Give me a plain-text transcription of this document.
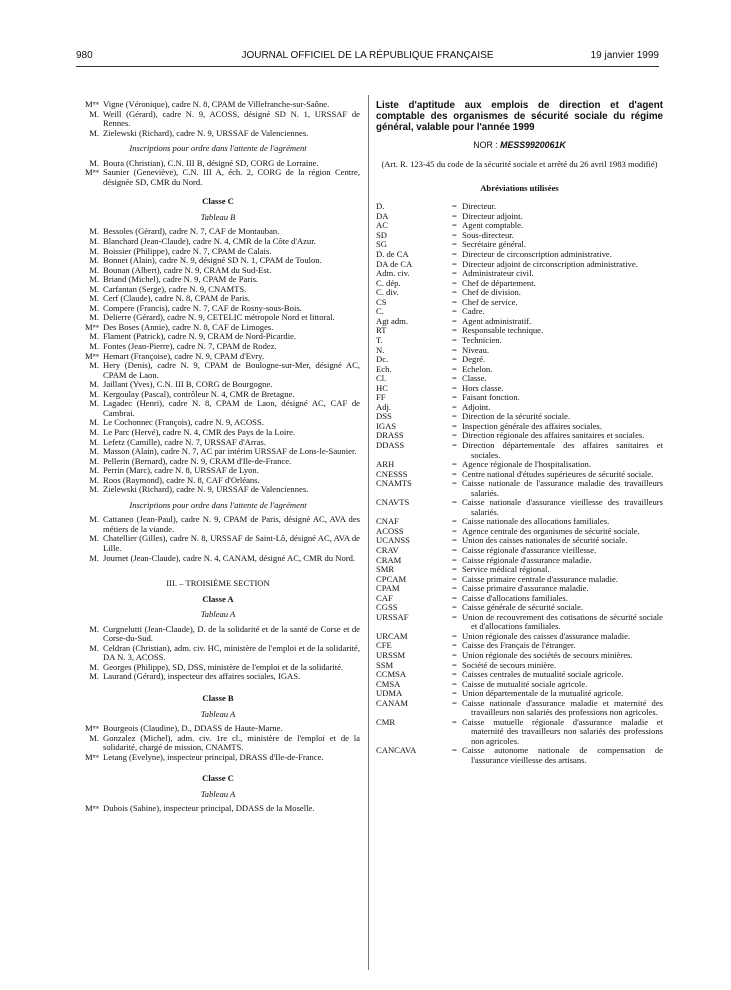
980	JOURNAL OFFICIEL DE LA RÉPUBLIQUE FRANÇAISE	19 janvier 1999
Mᵐᵉ Vigne (Véronique), cadre N. 8, CPAM de Villefranche-sur-Saône.
M. Weill (Gérard), cadre N. 9, ACOSS, désigné SD N. 1, URSSAF de Rennes.
M. Zielewski (Richard), cadre N. 9, URSSAF de Valenciennes.
Inscriptions pour ordre dans l'attente de l'agrément
M. Boura (Christian), C.N. III B, désigné SD, CORG de Lorraine.
Mᵐᵉ Saunier (Geneviève), C.N. III A, éch. 2, CORG de la région Centre, désignée SD, CMR du Nord.
Classe C
Tableau B
M. Bessoles (Gérard), cadre N. 7, CAF de Montauban.
M. Blanchard (Jean-Claude), cadre N. 4, CMR de la Côte d'Azur.
M. Boissier (Philippe), cadre N. 7, CPAM de Calais.
M. Bonnet (Alain), cadre N. 9, désigné SD N. 1, CPAM de Toulon.
M. Bounan (Albert), cadre N. 9, CRAM du Sud-Est.
M. Briand (Michel), cadre N. 9, CPAM de Paris.
M. Carfantan (Serge), cadre N. 9, CNAMTS.
M. Cerf (Claude), cadre N. 8, CPAM de Paris.
M. Compere (Francis), cadre N. 7, CAF de Rosny-sous-Bois.
M. Delierre (Gérard), cadre N. 9, CETELIC métropole Nord et littoral.
Mᵐᵉ Des Boses (Annie), cadre N. 8, CAF de Limoges.
M. Flament (Patrick), cadre N. 9, CRAM de Nord-Picardie.
M. Fontes (Jean-Pierre), cadre N. 7, CPAM de Rodez.
Mᵐᵉ Hemart (Françoise), cadre N. 9, CPAM d'Evry.
M. Hery (Denis), cadre N. 9, CPAM de Boulogne-sur-Mer, désigné AC, CPAM de Laon.
M. Jaillant (Yves), C.N. III B, CORG de Bourgogne.
M. Kergoulay (Pascal), contrôleur N. 4, CMR de Bretagne.
M. Lagadec (Henri), cadre N. 8, CPAM de Laon, désigné AC, CAF de Cambrai.
M. Le Cochonnec (François), cadre N. 9, ACOSS.
M. Le Parc (Hervé), cadre N. 4, CMR des Pays de la Loire.
M. Lefetz (Camille), cadre N. 7, URSSAF d'Arras.
M. Masson (Alain), cadre N. 7, AC par intérim URSSAF de Lons-le-Saunier.
M. Pellerin (Bernard), cadre N. 9, CRAM d'Ile-de-France.
M. Perrin (Marc), cadre N. 8, URSSAF de Lyon.
M. Roos (Raymond), cadre N. 8, CAF d'Orléans.
M. Zielewski (Richard), cadre N. 9, URSSAF de Valenciennes.
Inscriptions pour ordre dans l'attente de l'agrément
M. Cattaneo (Jean-Paul), cadre N. 9, CPAM de Paris, désigné AC, AVA des métiers de la viande.
M. Chatellier (Gilles), cadre N. 8, URSSAF de Saint-Lô, désigné AC, AVA de Lille.
M. Journet (Jean-Claude), cadre N. 4, CANAM, désigné AC, CMR du Nord.
III. – TROISIÈME SECTION
Classe A
Tableau A
M. Curgnelutti (Jean-Claude), D. de la solidarité et de la santé de Corse et de Corse-du-Sud.
M. Celdran (Christian), adm. civ. HC, ministère de l'emploi et de la solidarité, DA N. 3, ACOSS.
M. Georges (Philippe), SD, DSS, ministère de l'emploi et de la solidarité.
M. Laurand (Gérard), inspecteur des affaires sociales, IGAS.
Classe B
Tableau A
Mᵐᵉ Bourgeois (Claudine), D., DDASS de Haute-Marne.
M. Gonzalez (Michel), adm. civ. 1re cl., ministère de l'emploi et de la solidarité, chargé de mission, CNAMTS.
Mᵐᵉ Letang (Evelyne), inspecteur principal, DRASS d'Ile-de-France.
Classe C
Tableau A
Mᵐᵉ Dubois (Sabine), inspecteur principal, DDASS de la Moselle.
Liste d'aptitude aux emplois de direction et d'agent comptable des organismes de sécurité sociale du régime général, valable pour l'année 1999
NOR : MESS9920061K
(Art. R. 123-45 du code de la sécurité sociale et arrêté du 26 avril 1983 modifié)
Abréviations utilisées
D.	= Directeur.
DA	= Directeur adjoint.
AC	= Agent comptable.
SD	= Sous-directeur.
SG	= Secrétaire général.
D. de CA	= Directeur de circonscription administrative.
DA de CA	= Directeur adjoint de circonscription administrative.
Adm. civ.	= Administrateur civil.
C. dép.	= Chef de département.
C. div.	= Chef de division.
CS	= Chef de service.
C.	= Cadre.
Agt adm.	= Agent administratif.
RT	= Responsable technique.
T.	= Technicien.
N.	= Niveau.
Dc.	= Degré.
Ech.	= Echelon.
Cl.	= Classe.
HC	= Hors classe.
FF	= Faisant fonction.
Adj.	= Adjoint.
DSS	= Direction de la sécurité sociale.
IGAS	= Inspection générale des affaires sociales.
DRASS	= Direction régionale des affaires sanitaires et sociales.
DDASS	= Direction départementale des affaires sanitaires et sociales.
ARH	= Agence régionale de l'hospitalisation.
CNESSS	= Centre national d'études supérieures de sécurité sociale.
CNAMTS	= Caisse nationale de l'assurance maladie des travailleurs salariés.
CNAVTS	= Caisse nationale d'assurance vieillesse des travailleurs salariés.
CNAF	= Caisse nationale des allocations familiales.
ACOSS	= Agence centrale des organismes de sécurité sociale.
UCANSS	= Union des caisses nationales de sécurité sociale.
CRAV	= Caisse régionale d'assurance vieillesse.
CRAM	= Caisse régionale d'assurance maladie.
SMR	= Service médical régional.
CPCAM	= Caisse primaire centrale d'assurance maladie.
CPAM	= Caisse primaire d'assurance maladie.
CAF	= Caisse d'allocations familiales.
CGSS	= Caisse générale de sécurité sociale.
URSSAF	= Union de recouvrement des cotisations de sécurité sociale et d'allocations familiales.
URCAM	= Union régionale des caisses d'assurance maladie.
CFE	= Caisse des Français de l'étranger.
URSSM	= Union régionale des sociétés de secours minières.
SSM	= Société de secours minière.
CCMSA	= Caisses centrales de mutualité sociale agricole.
CMSA	= Caisse de mutualité sociale agricole.
UDMA	= Union départementale de la mutualité agricole.
CANAM	= Caisse nationale d'assurance maladie et maternité des travailleurs non salariés des professions non agricoles.
CMR	= Caisse mutuelle régionale d'assurance maladie et maternité des travailleurs non salariés des professions non agricoles.
CANCAVA	= Caisse autonome nationale de compensation de l'assurance vieillesse des artisans.
